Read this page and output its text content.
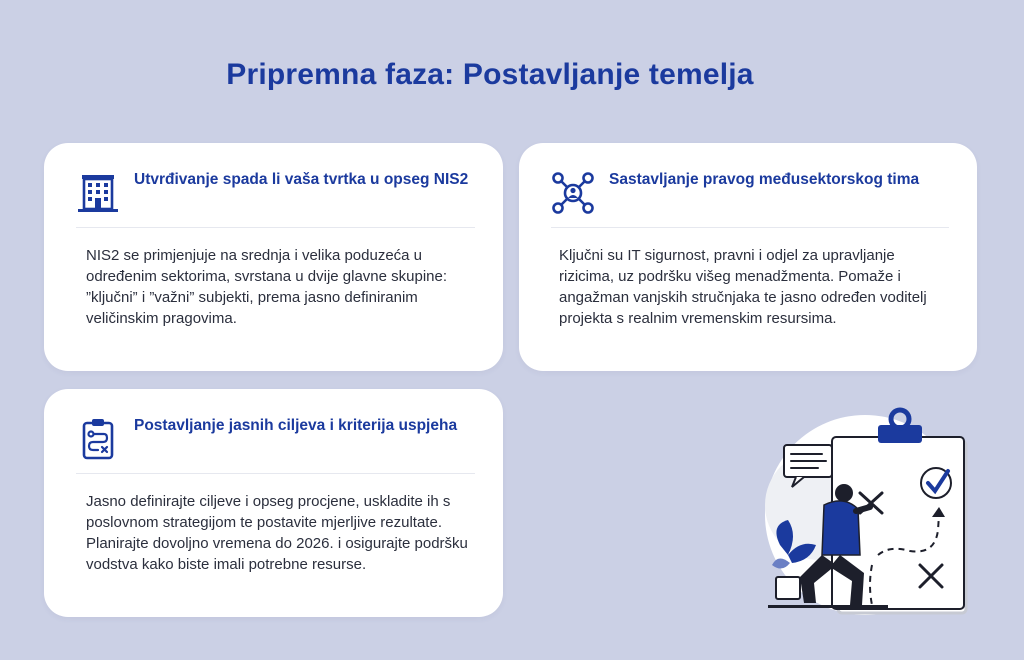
Pripremna faza: Postavljanje temelja
Utvrđivanje spada li vaša tvrtka u opseg NIS2
NIS2 se primjenjuje na srednja i velika poduzeća u određenim sektorima, svrstana u dvije glavne skupine: ”ključni” i ”važni” subjekti, prema jasno definiranim veličinskim pragovima.
Sastavljanje pravog međusektorskog tima
Ključni su IT sigurnost, pravni i odjel za upravljanje rizicima, uz podršku višeg menadžmenta. Pomaže i angažman vanjskih stručnjaka te jasno određen voditelj projekta s realnim vremenskim resursima.
Postavljanje jasnih ciljeva i kriterija uspjeha
Jasno definirajte ciljeve i opseg procjene, uskladite ih s poslovnom strategijom te postavite mjerljive rezultate. Planirajte dovoljno vremena do 2026. i osigurajte podršku vodstva kako biste imali potrebne resurse.
